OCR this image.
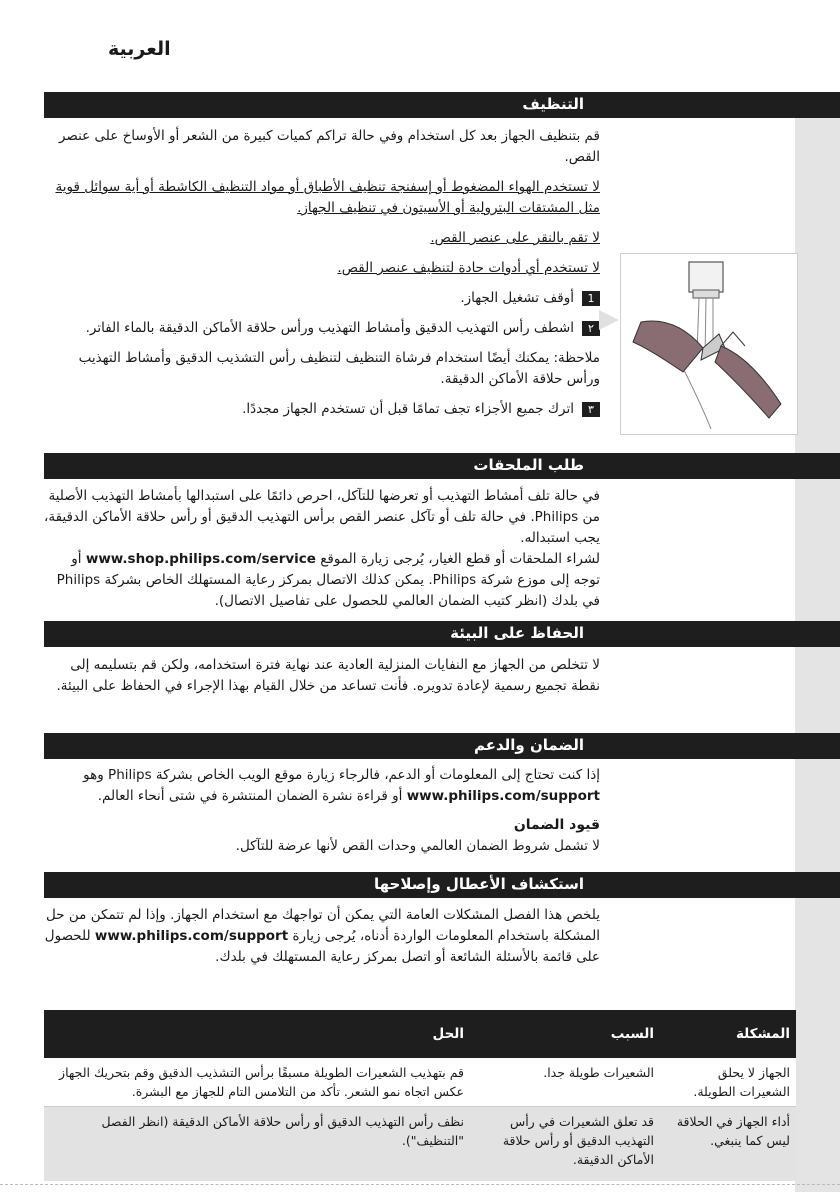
العربية
التنظيف

قم بتنظيف الجهاز بعد كل استخدام وفي حالة تراكم كميات كبيرة من الشعر أو الأوساخ على عنصر القص.

لا تستخدم الهواء المضغوط أو إسفنجة تنظيف الأطباق أو مواد التنظيف الكاشطة أو أية سوائل قوية مثل المشتقات البترولية أو الأسيتون في تنظيف الجهاز.

لا تقم بالنقر على عنصر القص.

لا تستخدم أي أدوات حادة لتنظيف عنصر القص.

1أوقف تشغيل الجهاز.

٢اشطف رأس التهذيب الدقيق وأمشاط التهذيب ورأس حلاقة الأماكن الدقيقة بالماء الفاتر.

ملاحظة: يمكنك أيضًا استخدام فرشاة التنظيف لتنظيف رأس التشذيب الدقيق وأمشاط التهذيب ورأس حلاقة الأماكن الدقيقة.

٣اترك جميع الأجزاء تجف تمامًا قبل أن تستخدم الجهاز مجددًا.

طلب الملحقات

في حالة تلف أمشاط التهذيب أو تعرضها للتآكل، احرص دائمًا على استبدالها بأمشاط التهذيب الأصلية من Philips. في حالة تلف أو تآكل عنصر القص برأس التهذيب الدقيق أو رأس حلاقة الأماكن الدقيقة، يجب استبداله.

لشراء الملحقات أو قطع الغيار، يُرجى زيارة الموقع www.shop.philips.com/service أو توجه إلى موزع شركة Philips. يمكن كذلك الاتصال بمركز رعاية المستهلك الخاص بشركة Philips في بلدك (انظر كتيب الضمان العالمي للحصول على تفاصيل الاتصال).

الحفاظ على البيئة

لا تتخلص من الجهاز مع النفايات المنزلية العادية عند نهاية فترة استخدامه، ولكن قم بتسليمه إلى نقطة تجميع رسمية لإعادة تدويره. فأنت تساعد من خلال القيام بهذا الإجراء في الحفاظ على البيئة.

الضمان والدعم

إذا كنت تحتاج إلى المعلومات أو الدعم، فالرجاء زيارة موقع الويب الخاص بشركة Philips وهو www.philips.com/support أو قراءة نشرة الضمان المنتشرة في شتى أنحاء العالم.

قيود الضمان

لا تشمل شروط الضمان العالمي وحدات القص لأنها عرضة للتآكل.

استكشاف الأعطال وإصلاحها

يلخص هذا الفصل المشكلات العامة التي يمكن أن تواجهك مع استخدام الجهاز. وإذا لم تتمكن من حل المشكلة باستخدام المعلومات الواردة أدناه، يُرجى زيارة www.philips.com/support للحصول على قائمة بالأسئلة الشائعة أو اتصل بمركز رعاية المستهلك في بلدك.

المشكلة	السبب	الحل
الجهاز لا يحلق الشعيرات الطويلة.	الشعيرات طويلة جدا.	قم بتهذيب الشعيرات الطويلة مسبقًا برأس التشذيب الدقيق وقم بتحريك الجهاز عكس اتجاه نمو الشعر. تأكد من التلامس التام للجهاز مع البشرة.
أداء الجهاز في الحلاقة ليس كما ينبغي.	قد تعلق الشعيرات في رأس التهذيب الدقيق أو رأس حلاقة الأماكن الدقيقة.	نظف رأس التهذيب الدقيق أو رأس حلاقة الأماكن الدقيقة (انظر الفصل "التنظيف").
